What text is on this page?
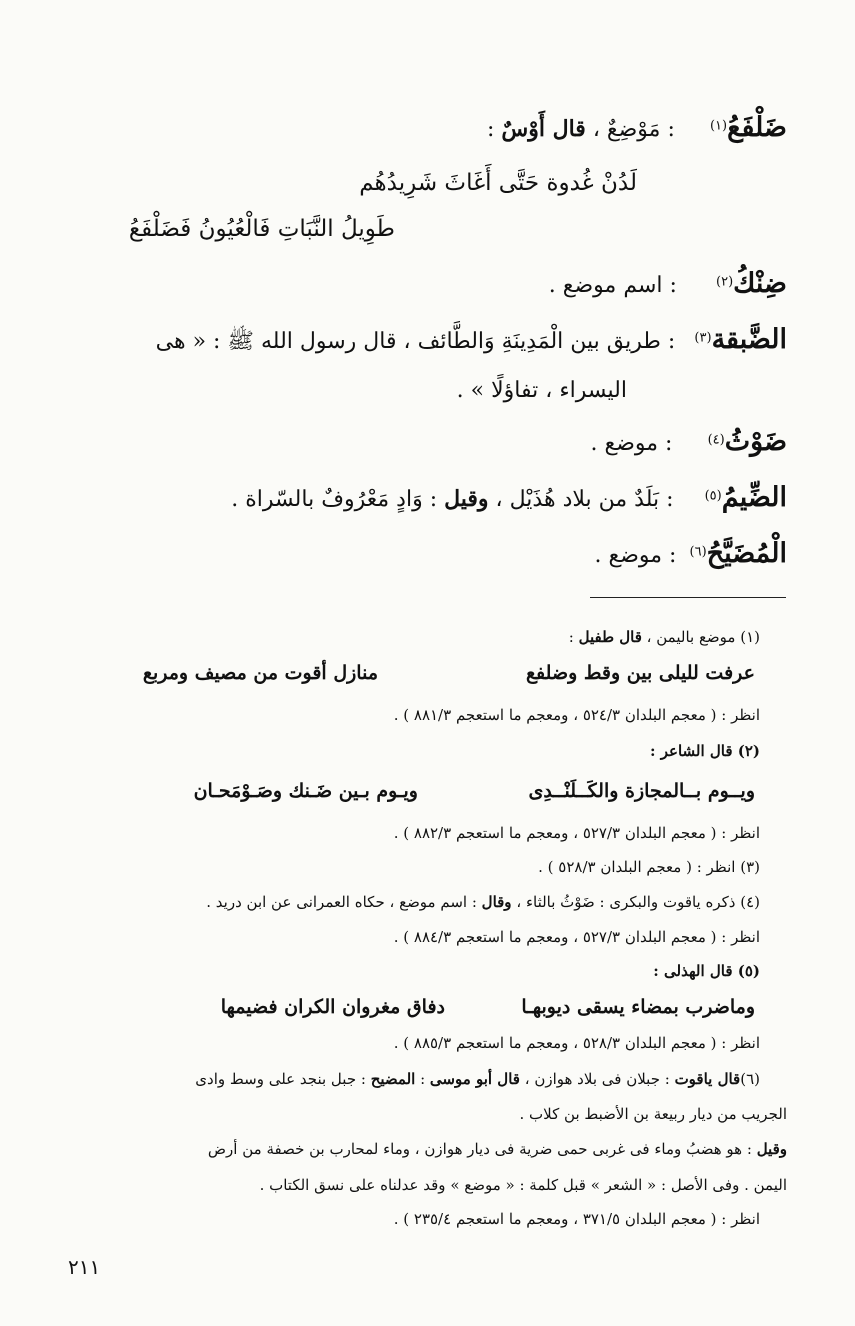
ضَلْفَعُ$^{(١)}$ : مَوْضِعٌ ، قال أَوْسٌ :
لَدُنْ غُدوة حَتَّى أَغَاثَ شَرِيدُهُم
طَوِيلُ النَّبَاتِ فَالْعُيُونُ فَضَلْفَعُ
ضِنْكُ$^{(٢)}$ : اسم موضع .
الضَّبقة$^{(٣)}$ : طريق بين الْمَدِينَةِ وَالطَّائف ، قال رسول الله ﷺ : « هى
اليسراء ، تفاؤلًا » .
ضَوْثُ$^{(٤)}$ : موضع .
الضِّيمُ$^{(٥)}$ : بَلَدٌ من بلاد هُذَيْل ، وقيل : وَادٍ مَعْرُوفٌ بالسّراة .
الْمُضَيَّحُ$^{(٦)}$ : موضع .
(١) موضع باليمن ، قال طفيل :
عرفت لليلى بين وقط وضلفع
منازل أقوت من مصيف ومربع
انظر : ( معجم البلدان ٥٢٤/٣ ، ومعجم ما استعجم ٨٨١/٣ ) .
(٢) قال الشاعر :
ويــوم بــالمجازة والكَــلَنْــدِى
ويـوم بـين ضَـنك وصَـوْمَحـان
انظر : ( معجم البلدان ٥٢٧/٣ ، ومعجم ما استعجم ٨٨٢/٣ ) .
(٣) انظر : ( معجم البلدان ٥٢٨/٣ ) .
(٤) ذكره ياقوت والبكرى : ضَوْثُ بالثاء ، وقال : اسم موضع ، حكاه العمرانى عن ابن دريد .
انظر : ( معجم البلدان ٥٢٧/٣ ، ومعجم ما استعجم ٨٨٤/٣ ) .
(٥) قال الهذلى :
وماضرب بمضاء يسقى ديوبهـا
دفاق مغروان الكران فضيمها
انظر : ( معجم البلدان ٥٢٨/٣ ، ومعجم ما استعجم ٨٨٥/٣ ) .
(٦)قال ياقوت : جبلان فى بلاد هوازن ، قال أبو موسى : المضيح : جبل بنجد على وسط وادى
الجريب من ديار ربيعة بن الأضبط بن كلاب .
وقيل : هو هضبُ وماء فى غربى حمى ضرية فى ديار هوازن ، وماء لمحارب بن خصفة من أرض
اليمن . وفى الأصل : « الشعر » قبل كلمة : « موضع » وقد عدلناه على نسق الكتاب .
انظر : ( معجم البلدان ٣٧١/٥ ، ومعجم ما استعجم ٢٣٥/٤ ) .
٢١١
